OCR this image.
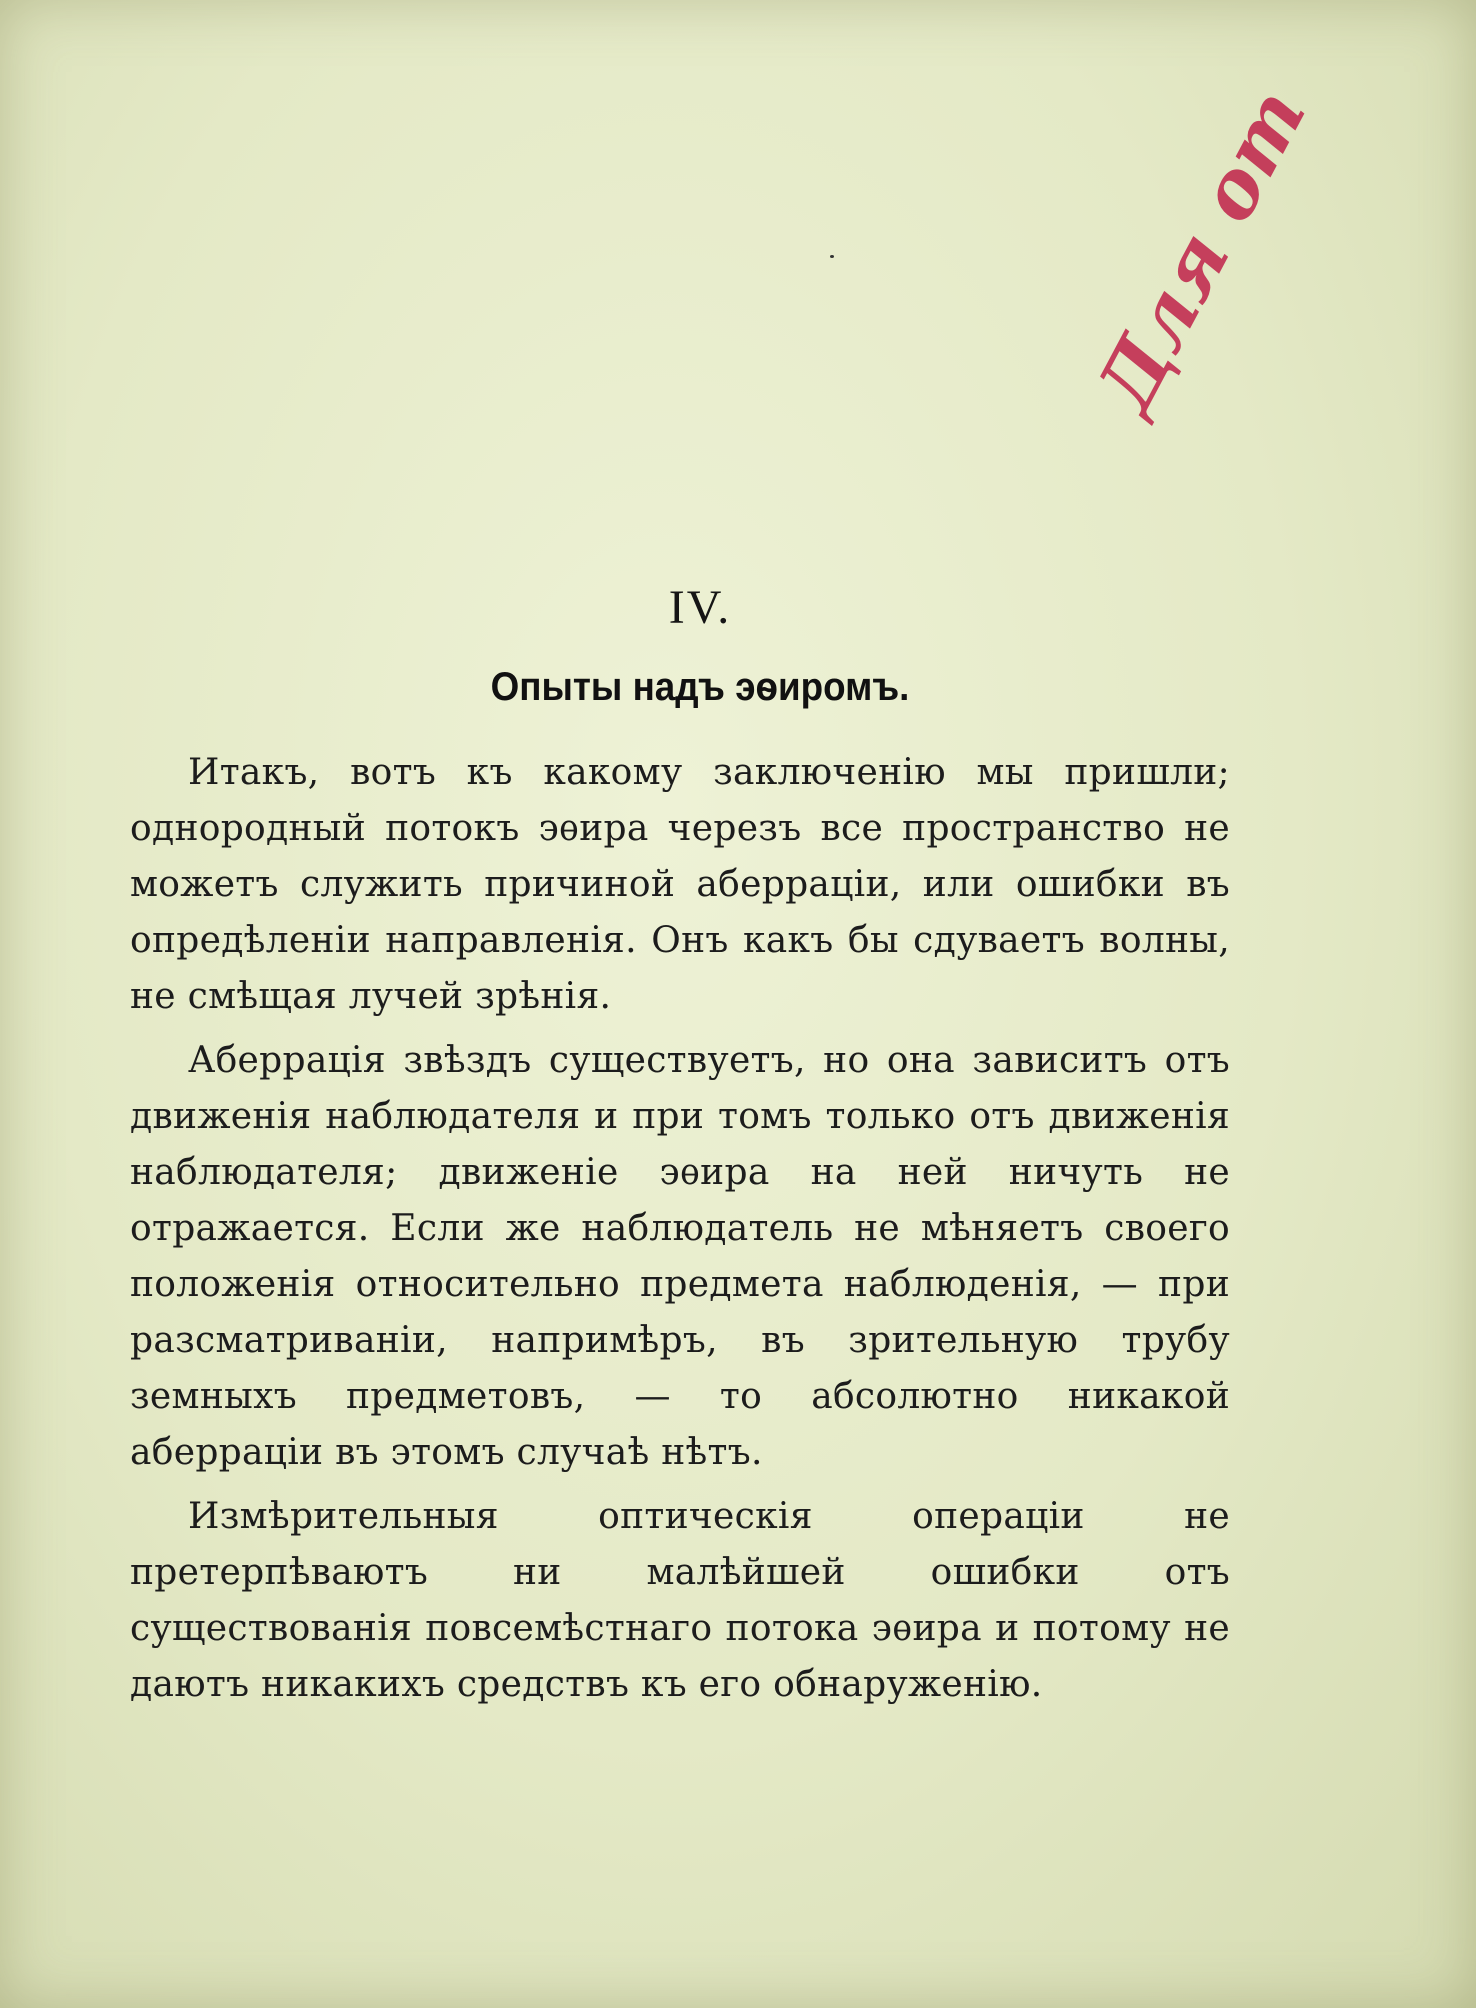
Для от
IV.
Опыты надъ эѳиромъ.

Итакъ, вотъ къ какому заключенію мы пришли; однородный потокъ эѳира черезъ все пространство не можетъ служить причиной аберраціи, или ошибки въ опредѣленіи направленія. Онъ какъ бы сдуваетъ волны, не смѣщая лучей зрѣнія.

Аберрація звѣздъ существуетъ, но она зависитъ отъ движенія наблюдателя и при томъ только отъ движенія наблюдателя; движеніе эѳира на ней ничуть не отражается. Если же наблюдатель не мѣняетъ своего положенія относительно предмета наблюденія, — при разсматриваніи, напримѣръ, въ зрительную трубу земныхъ предметовъ, — то абсолютно никакой аберраціи въ этомъ случаѣ нѣтъ.

Измѣрительныя оптическія операціи не претерпѣваютъ ни малѣйшей ошибки отъ существованія повсемѣстнаго потока эѳира и потому не даютъ никакихъ средствъ къ его обнаруженію.
